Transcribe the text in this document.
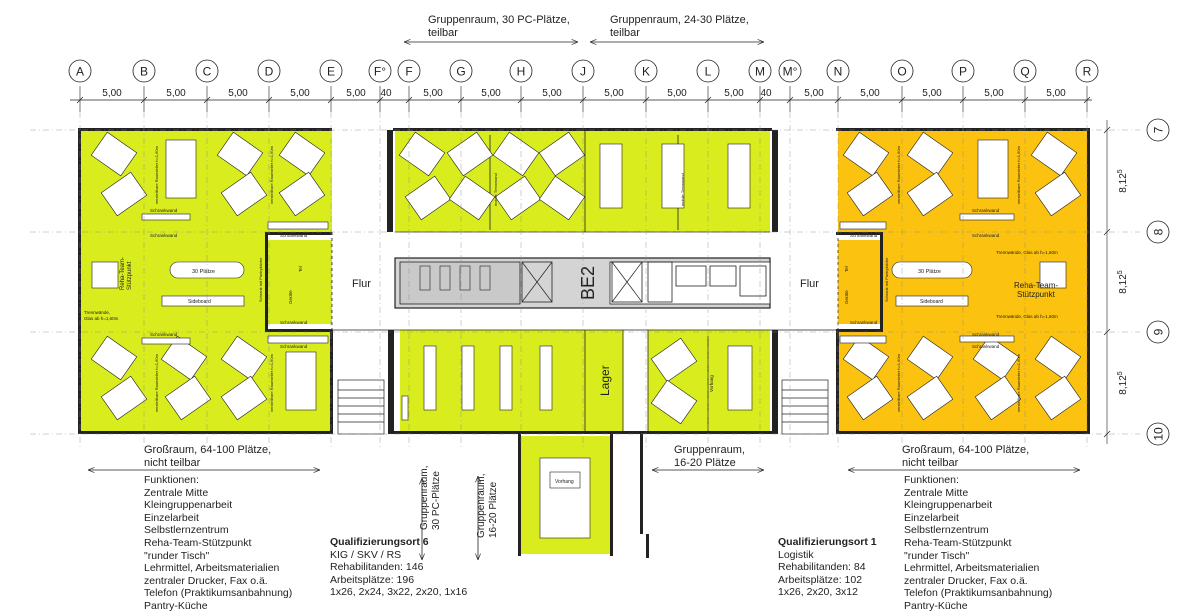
Flur	Flur
BE2
Lager
30 Plätze	30 Plätze
Sideboard	Sideboard
Schrankwand
Schrankwand	Schrankwand
Schrankwand
Schrankwand
Schrankwand
Schrankwand
Schrankwand
Schrankwand
Schrankwand
Schrankwand
Schrankwand
Reha-Team- Stützpunkt	Reha-Team-
Stützpunkt
Trennwände,
Glas ab h=1,60m
Trennwände, Glas ab h=1,60m
Trennwände, Glas ab h=1,60m
verstellbare Raumteiler h=1,60m	verstellbare Raumteiler h=1,60m
verstellbare Raumteiler h=1,60m	verstellbare Raumteiler h=1,60m
verstellbare Raumteiler h=1,60m	verstellbare Raumteiler h=1,60m
verstellbare Raumteiler h=1,60m	verstellbare Raumteiler h=1,60m
Schrank mit Pantryküche	Schrank mit Pantryküche
Geräte	Geräte
Tel	Tel
mobile Trennwand	mobile Trennwand
Vorhang
Vorhang
Gruppenraum, 30 PC-Plätze	Gruppenraum, 16-20 Plätze
A	B	C	D	E	F° F	G	H	J	K	L	M M°	N	O	P	Q	R
5,00	5,00	5,00	5,00	5,00 40	5,00	5,00	5,00	5,00	5,00	5,00 40	5,00	5,00	5,00	5,00	5,00
7
8
9
10
8,12$^5$
8,12$^5$
8,12$^5$
Gruppenraum, 30 PC-Plätze,
teilbar
Gruppenraum, 24-30 Plätze,
teilbar
Großraum, 64-100 Plätze,
nicht teilbar
Großraum, 64-100 Plätze,
nicht teilbar
Gruppenraum,
16-20 Plätze
Funktionen:
Zentrale Mitte
Kleingruppenarbeit
Einzelarbeit
Selbstlernzentrum
Reha-Team-Stützpunkt
"runder Tisch"
Lehrmittel, Arbeitsmaterialien
zentraler Drucker, Fax o.ä.
Telefon (Praktikumsanbahnung)
Pantry-Küche
Funktionen:
Zentrale Mitte
Kleingruppenarbeit
Einzelarbeit
Selbstlernzentrum
Reha-Team-Stützpunkt
"runder Tisch"
Lehrmittel, Arbeitsmaterialien
zentraler Drucker, Fax o.ä.
Telefon (Praktikumsanbahnung)
Pantry-Küche
Qualifizierungsort 6
KIG / SKV / RS
Rehabilitanden: 146
Arbeitsplätze: 196
1x26, 2x24, 3x22, 2x20, 1x16
Qualifizierungsort 1
Logistik
Rehabilitanden: 84
Arbeitsplätze: 102
1x26, 2x20, 3x12
